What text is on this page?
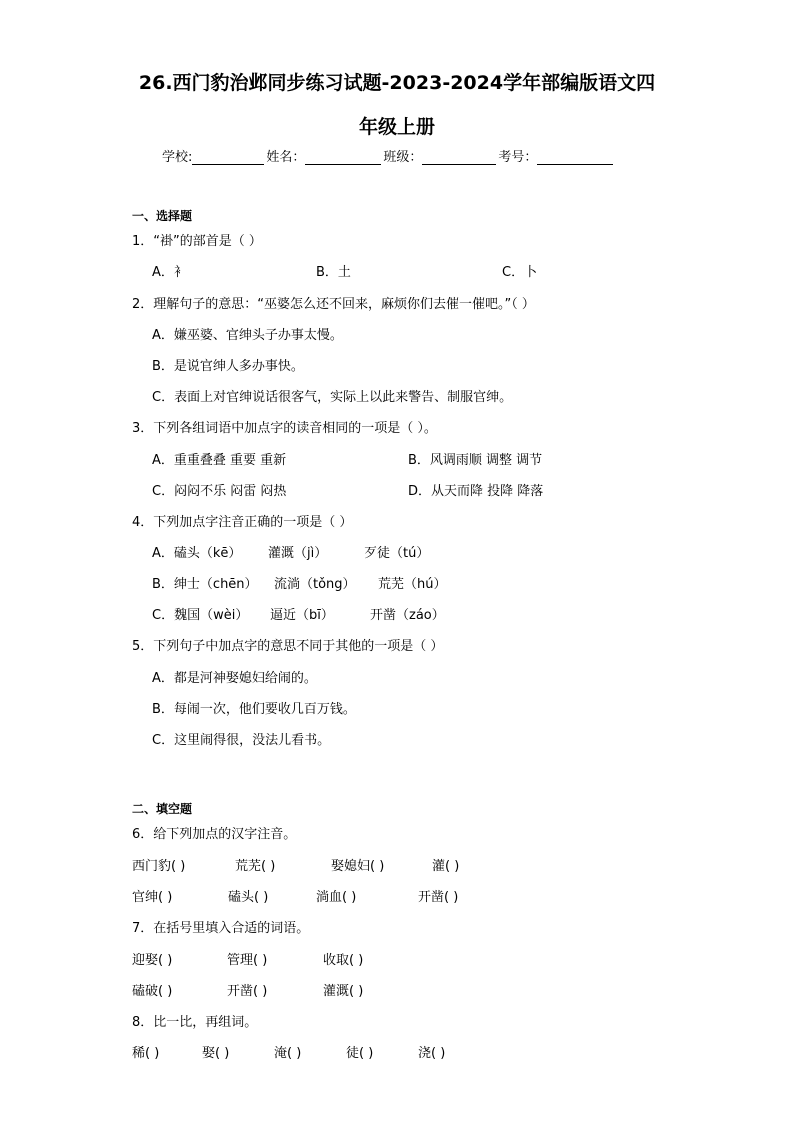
26.西门豹治邺同步练习试题-2023-2024学年部编版语文四
年级上册
学校:	姓名：	班级：	考号：
一、选择题
1．“褂”的部首是（ ）
A．衤	B．土	C．卜
2．理解句子的意思：“巫婆怎么还不回来，麻烦你们去催一催吧。”（ ）
A．嫌巫婆、官绅头子办事太慢。
B．是说官绅人多办事快。
C．表面上对官绅说话很客气，实际上以此来警告、制服官绅。
3．下列各组词语中加点字的读音相同的一项是（ ）。
A．重重叠叠 重要 重新	B．风调雨顺 调整 调节
C．闷闷不乐 闷雷 闷热	D．从天而降 投降 降落
4．下列加点字注音正确的一项是（ ）
A．磕头（kē） 灌溉（jì）	歹徒（tú）
B．绅士（chēn） 流淌（tǒng） 荒芜（hú）
C．魏国（wèi） 逼近（bī）	开凿（záo）
5．下列句子中加点字的意思不同于其他的一项是（ ）
A．都是河神娶媳妇给闹的。
B．每闹一次，他们要收几百万钱。
C．这里闹得很，没法儿看书。
二、填空题
6．给下列加点的汉字注音。
西门豹( )	荒芜( )	娶媳妇( )	灌( )
官绅( )	磕头( )	淌血( )	开凿( )
7．在括号里填入合适的词语。
迎娶( )	管理( )	收取( )
磕破( )	开凿( )	灌溉( )
8．比一比，再组词。
稀( )	娶( )	淹( )	徒( )	浇( )
